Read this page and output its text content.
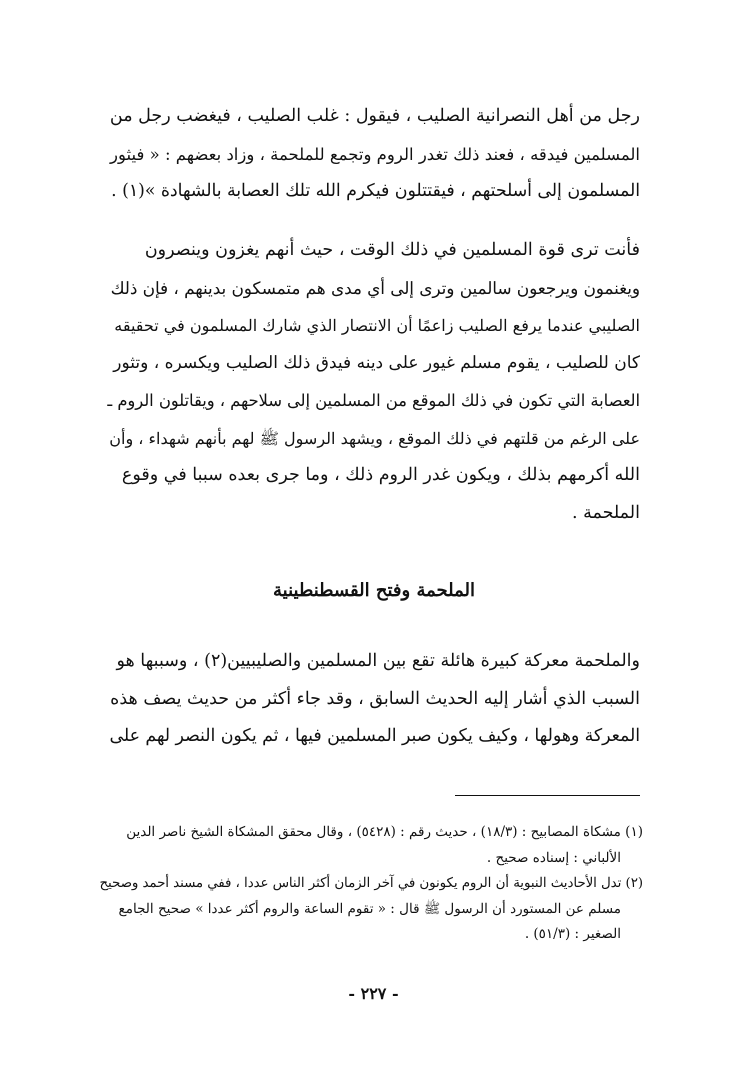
رجل من أهل النصرانية الصليب ، فيقول : غلب الصليب ، فيغضب رجل من
المسلمين فيدقه ، فعند ذلك تغدر الروم وتجمع للملحمة ، وزاد بعضهم : « فيثور
المسلمون إلى أسلحتهم ، فيقتتلون فيكرم الله تلك العصابة بالشهادة »(١) .
فأنت ترى قوة المسلمين في ذلك الوقت ، حيث أنهم يغزون وينصرون
ويغنمون ويرجعون سالمين وترى إلى أي مدى هم متمسكون بدينهم ، فإن ذلك
الصليبي عندما يرفع الصليب زاعمًا أن الانتصار الذي شارك المسلمون في تحقيقه
كان للصليب ، يقوم مسلم غيور على دينه فيدق ذلك الصليب ويكسره ، وتثور
العصابة التي تكون في ذلك الموقع من المسلمين إلى سلاحهم ، ويقاتلون الروم ـ
على الرغم من قلتهم في ذلك الموقع ، ويشهد الرسول ﷺ لهم بأنهم شهداء ، وأن
الله أكرمهم بذلك ، ويكون غدر الروم ذلك ، وما جرى بعده سببا في وقوع
الملحمة .
الملحمة وفتح القسطنطينية
والملحمة معركة كبيرة هائلة تقع بين المسلمين والصليبيين(٢) ، وسببها هو
السبب الذي أشار إليه الحديث السابق ، وقد جاء أكثر من حديث يصف هذه
المعركة وهولها ، وكيف يكون صبر المسلمين فيها ، ثم يكون النصر لهم على
(١) مشكاة المصابيح : (١٨/٣) ، حديث رقم : (٥٤٢٨) ، وقال محقق المشكاة الشيخ ناصر الدين
الألباني : إسناده صحيح .
(٢) تدل الأحاديث النبوية أن الروم يكونون في آخر الزمان أكثر الناس عددا ، ففي مسند أحمد وصحيح
مسلم عن المستورد أن الرسول ﷺ قال : « تقوم الساعة والروم أكثر عددا » صحيح الجامع
الصغير : (٥١/٣) .
- ٢٢٧ -
